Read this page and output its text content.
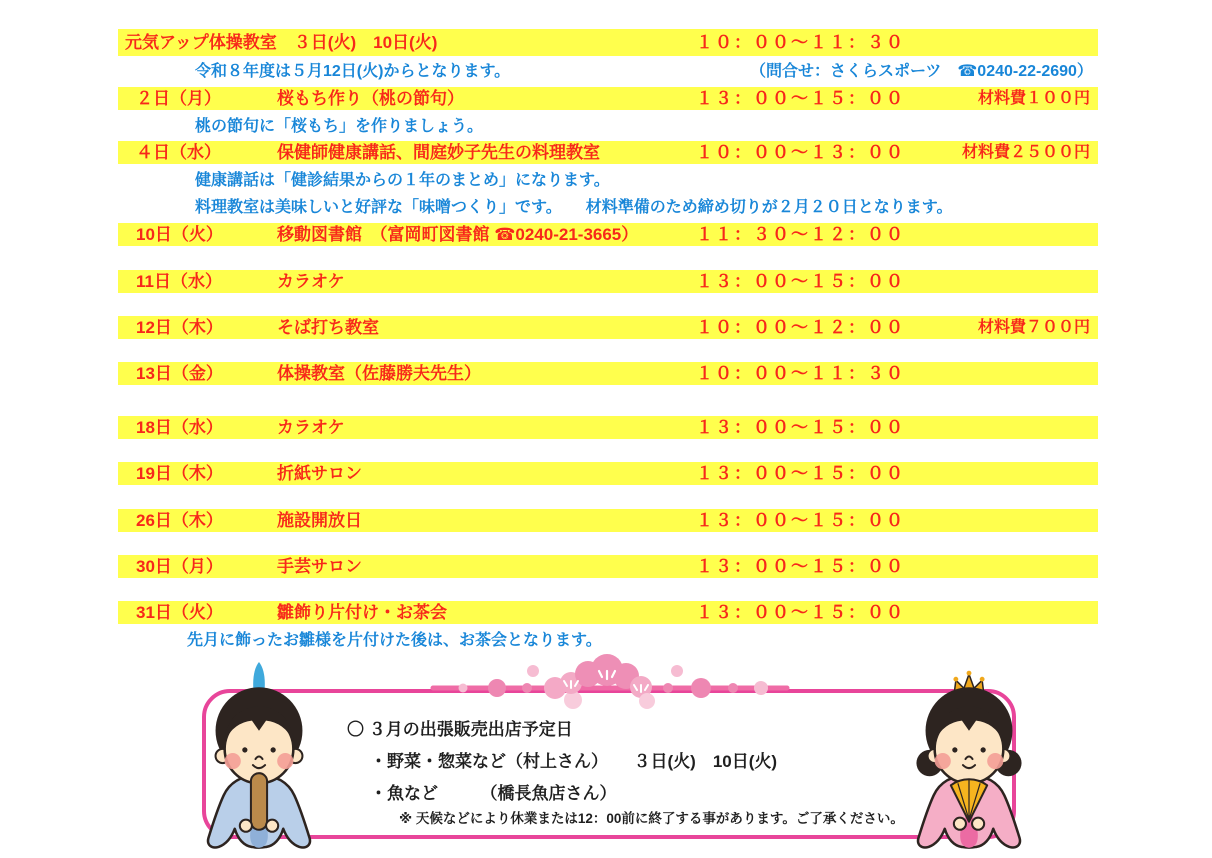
元気アップ体操教室　３日(火)　10日(火)	１０：００～１１：３０
２日（月）	桜もち作り（桃の節句）	１３：００～１５：００	材料費１００円
４日（水）	保健師健康講話、間庭妙子先生の料理教室	１０：００～１３：００	材料費２５００円
10日（火）	移動図書館　（富岡町図書館 ☎0240-21-3665）	１１：３０～１２：００
11日（水）	カラオケ	１３：００～１５：００
12日（木）	そば打ち教室	１０：００～１２：００	材料費７００円
13日（金）	体操教室（佐藤勝夫先生）	１０：００～１１：３０
18日（水）	カラオケ	１３：００～１５：００
19日（木）	折紙サロン	１３：００～１５：００
26日（木）	施設開放日	１３：００～１５：００
30日（月）	手芸サロン	１３：００～１５：００
31日（火）	雛飾り片付け・お茶会	１３：００～１５：００
令和８年度は５月12日(火)からとなります。	（問合せ：さくらスポーツ　☎0240-22-2690）
桃の節句に「桜もち」を作りましょう。
健康講話は「健診結果からの１年のまとめ」になります。
料理教室は美味しいと好評な「味噌つくり」です。　　材料準備のため締め切りが２月２０日となります。
先月に飾ったお雛様を片付けた後は、お茶会となります。
〇 ３月の出張販売出店予定日
・野菜・惣菜など（村上さん）　　３日(火)　10日(火)
・魚など　　　（橋長魚店さん）
※ 天候などにより休業または12：00前に終了する事があります。ご了承ください。
